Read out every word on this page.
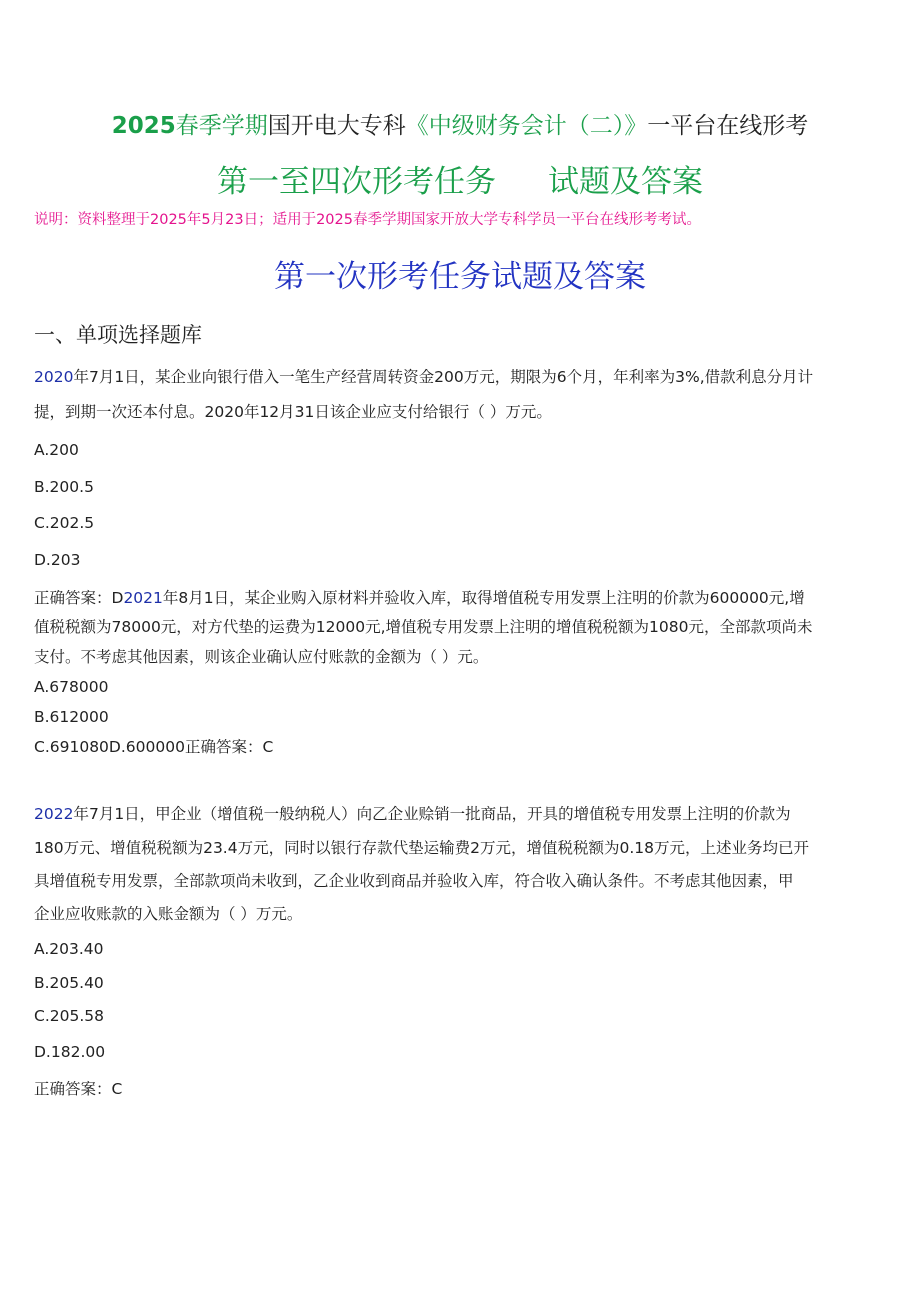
2025春季学期国开电大专科《中级财务会计（二）》一平台在线形考
第一至四次形考任务 试题及答案
说明：资料整理于2025年5月23日；适用于2025春季学期国家开放大学专科学员一平台在线形考考试。
第一次形考任务试题及答案
一、单项选择题库
2020年7月1日，某企业向银行借入一笔生产经营周转资金200万元，期限为6个月，年利率为3%,借款利息分月计
提，到期一次还本付息。2020年12月31日该企业应支付给银行（ ）万元。
A.200
B.200.5
C.202.5
D.203
正确答案：D2021年8月1日，某企业购入原材料并验收入库，取得增值税专用发票上注明的价款为600000元,增
值税税额为78000元，对方代垫的运费为12000元,增值税专用发票上注明的增值税税额为1080元，全部款项尚未
支付。不考虑其他因素，则该企业确认应付账款的金额为（ ）元。
A.678000
B.612000
C.691080D.600000正确答案：C
2022年7月1日，甲企业（增值税一般纳税人）向乙企业赊销一批商品，开具的增值税专用发票上注明的价款为
180万元、增值税税额为23.4万元，同时以银行存款代垫运输费2万元，增值税税额为0.18万元，上述业务均已开
具增值税专用发票，全部款项尚未收到，乙企业收到商品并验收入库，符合收入确认条件。不考虑其他因素，甲
企业应收账款的入账金额为（ ）万元。
A.203.40
B.205.40
C.205.58
D.182.00
正确答案：C
